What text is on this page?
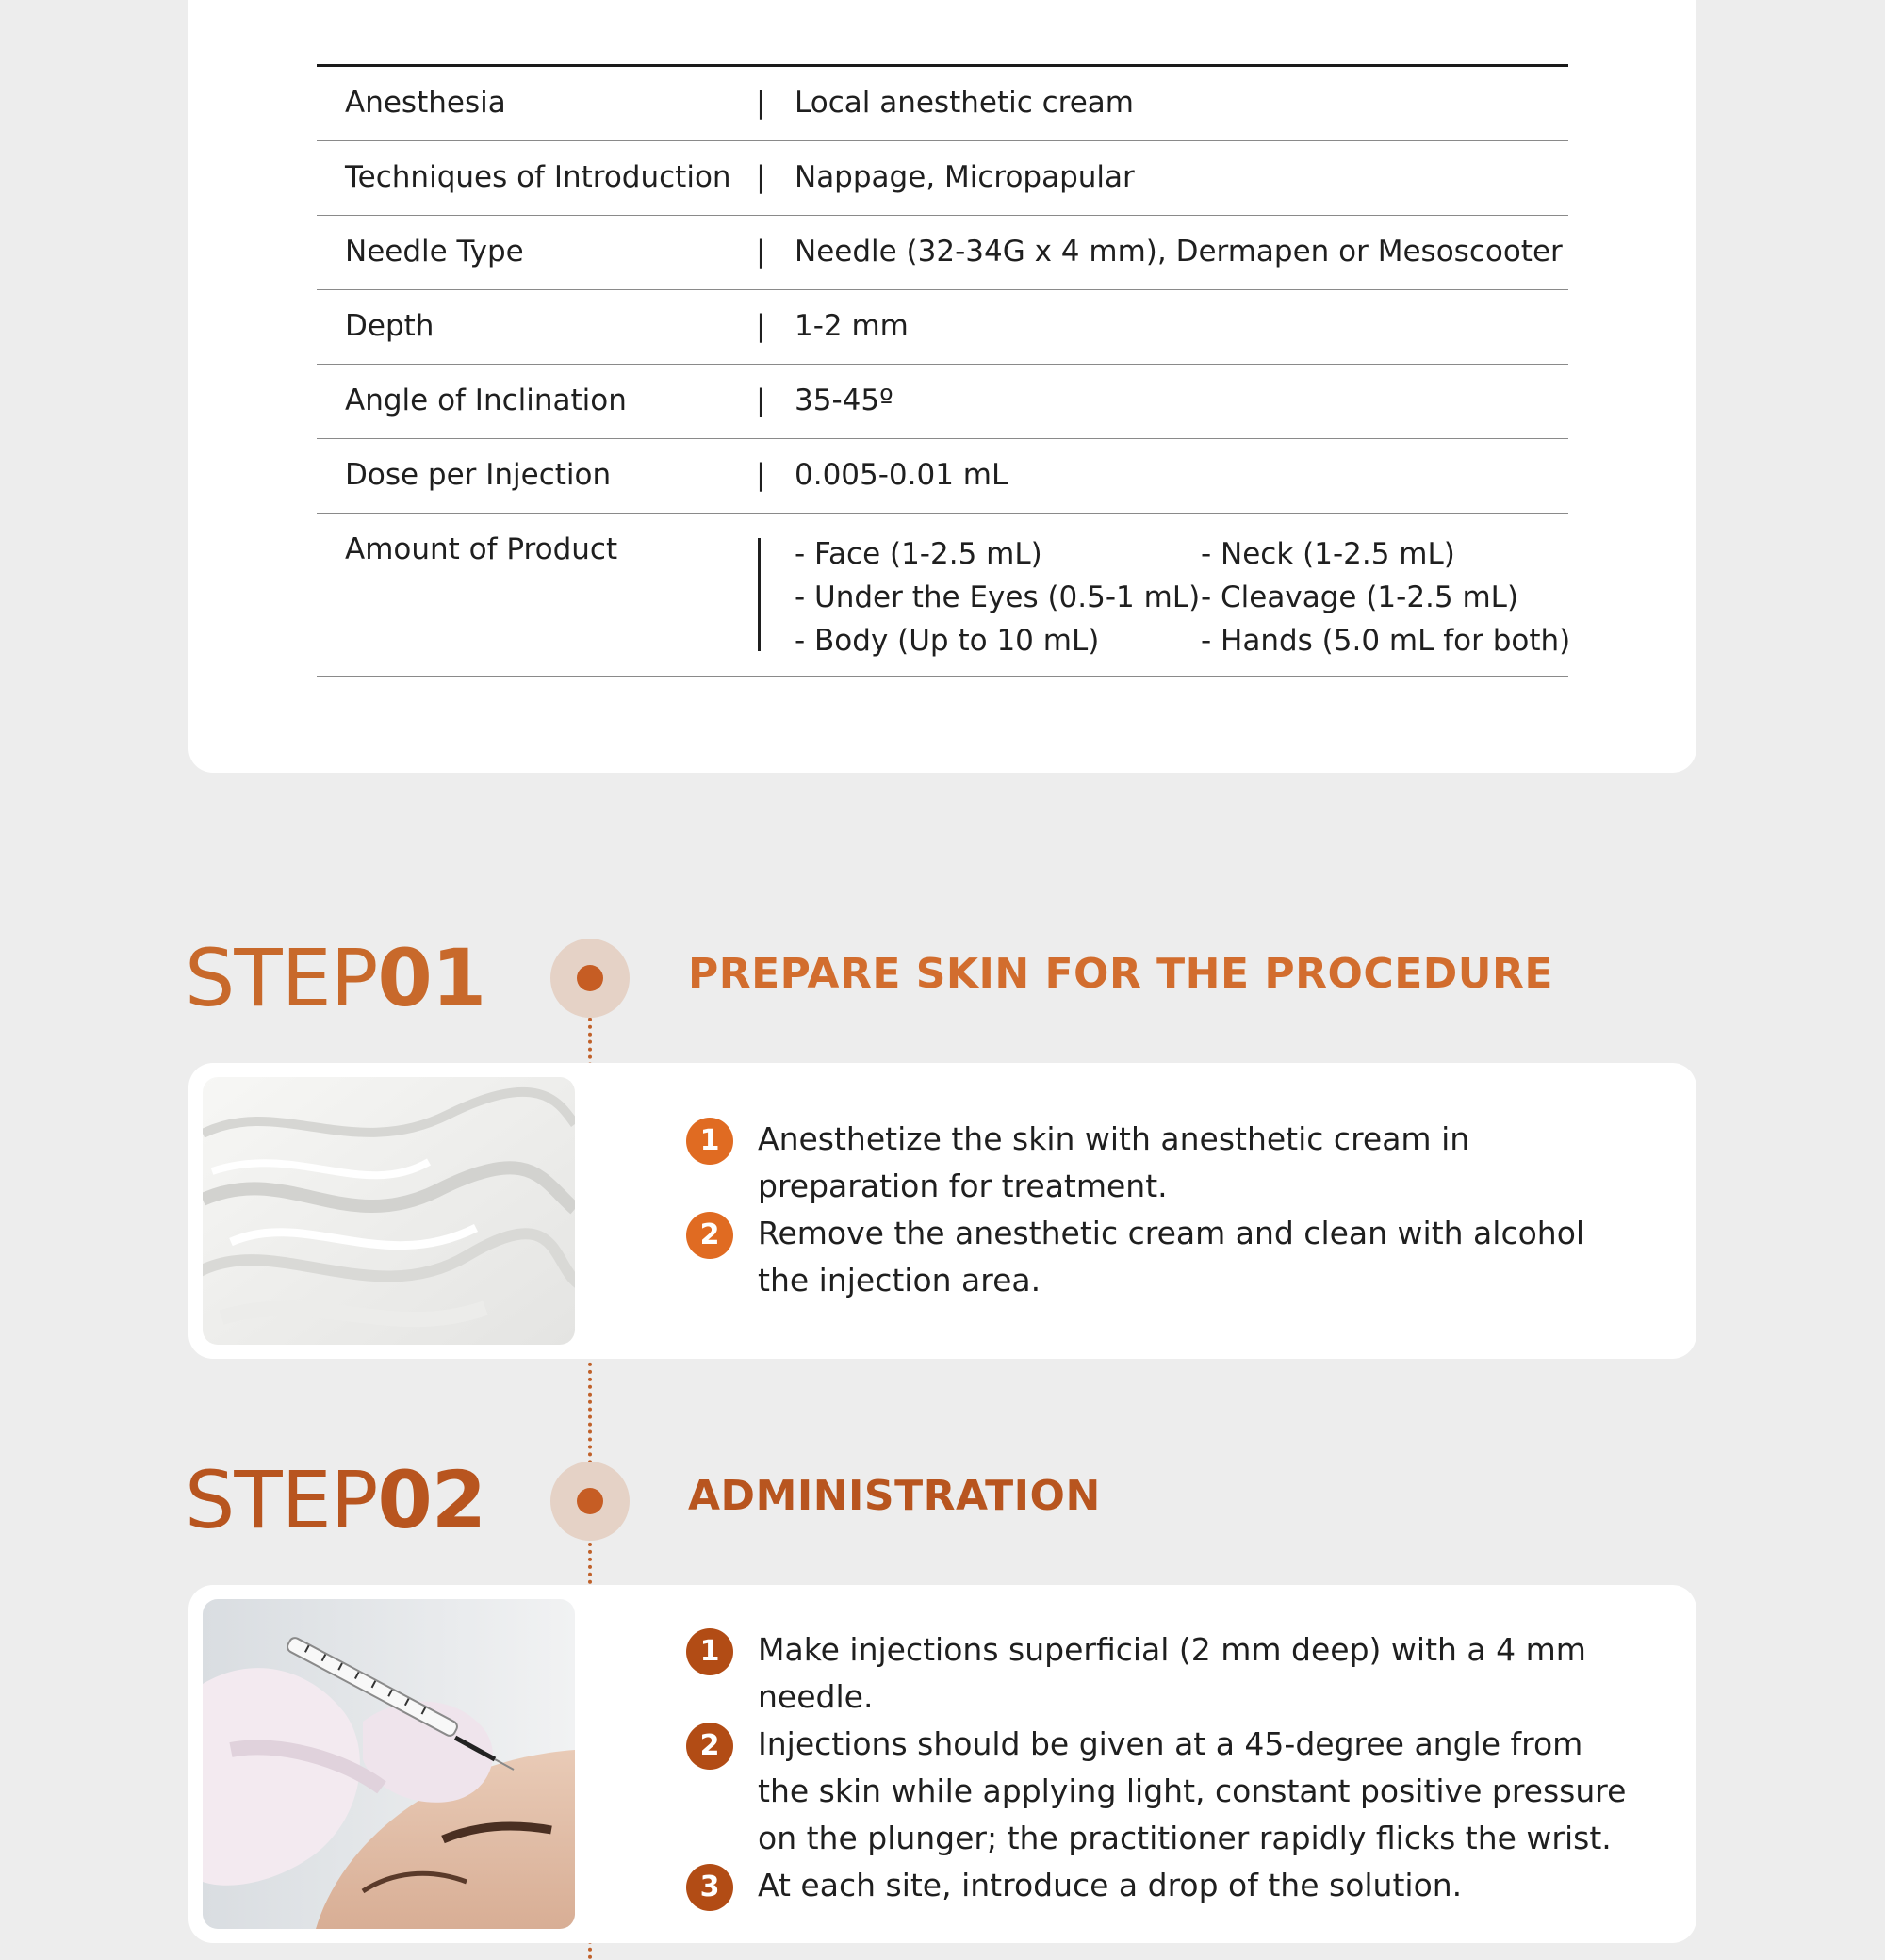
Anesthesia	| Local anesthetic cream
Techniques of Introduction | Nappage, Micropapular
Needle Type	| Needle (32-34G x 4 mm), Dermapen or Mesoscooter
Depth	| 1-2 mm
Angle of Inclination	| 35-45º
Dose per Injection	| 0.005-0.01 mL
Amount of Product	- Face (1-2.5 mL)
- Under the Eyes (0.5-1 mL)
- Body (Up to 10 mL)
- Neck (1-2.5 mL)
- Cleavage (1-2.5 mL)
- Hands (5.0 mL for both)
STEP01	PREPARE SKIN FOR THE PROCEDURE
1	Anesthetize the skin with anesthetic cream in preparation for treatment.
2	Remove the anesthetic cream and clean with alcohol the injection area.
STEP02	ADMINISTRATION
1	Make injections superficial (2 mm deep) with a 4 mm needle.
2	Injections should be given at a 45-degree angle from the skin while applying light, constant positive pressure on the plunger; the practitioner rapidly flicks the wrist.
3	At each site, introduce a drop of the solution.
